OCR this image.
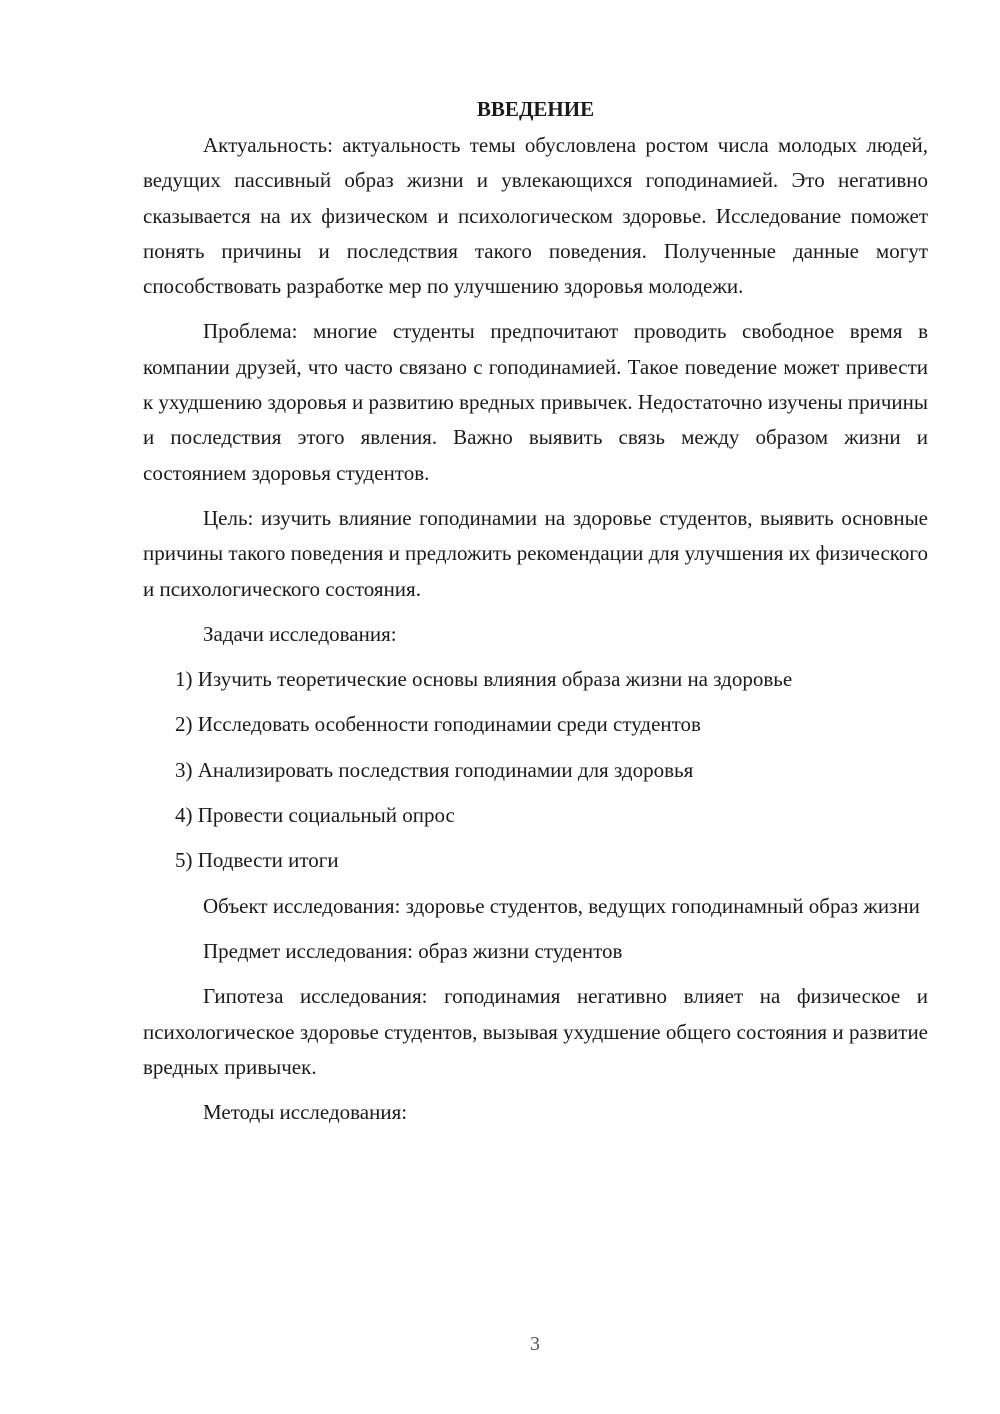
ВВЕДЕНИЕ

Актуальность: актуальность темы обусловлена ростом числа молодых людей, ведущих пассивный образ жизни и увлекающихся гоподинамией. Это негативно сказывается на их физическом и психологическом здоровье. Исследование поможет понять причины и последствия такого поведения. Полученные данные могут способствовать разработке мер по улучшению здоровья молодежи.

Проблема: многие студенты предпочитают проводить свободное время в компании друзей, что часто связано с гоподинамией. Такое поведение может привести к ухудшению здоровья и развитию вредных привычек. Недостаточно изучены причины и последствия этого явления. Важно выявить связь между образом жизни и состоянием здоровья студентов.

Цель: изучить влияние гоподинамии на здоровье студентов, выявить основные причины такого поведения и предложить рекомендации для улучшения их физического и психологического состояния.

Задачи исследования:

1) Изучить теоретические основы влияния образа жизни на здоровье
2) Исследовать особенности гоподинамии среди студентов
3) Анализировать последствия гоподинамии для здоровья
4) Провести социальный опрос
5) Подвести итоги

Объект исследования: здоровье студентов, ведущих гоподинамный образ жизни

Предмет исследования: образ жизни студентов

Гипотеза исследования: гоподинамия негативно влияет на физическое и психологическое здоровье студентов, вызывая ухудшение общего состояния и развитие вредных привычек.

Методы исследования:

3
